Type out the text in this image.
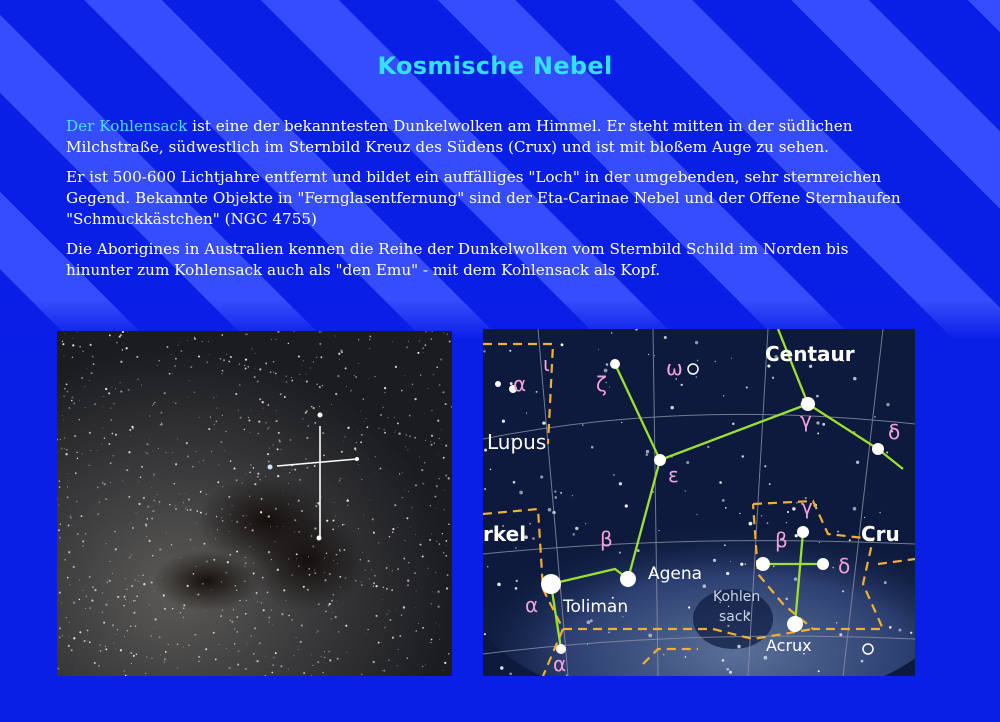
Kosmische Nebel

Der Kohlensack ist eine der bekanntesten Dunkelwolken am Himmel. Er steht mitten in der südlichen Milchstraße, südwestlich im Sternbild Kreuz des Südens (Crux) und ist mit bloßem Auge zu sehen.

Er ist 500-600 Lichtjahre entfernt und bildet ein auffälliges "Loch" in der umgebenden, sehr sternreichen Gegend. Bekannte Objekte in "Fernglasentfernung" sind der Eta-Carinae Nebel und der Offene Sternhaufen "Schmuckkästchen" (NGC 4755)

Die Aborigines in Australien kennen die Reihe der Dunkelwolken vom Sternbild Schild im Norden bis hinunter zum Kohlensack auch als "den Emu" - mit dem Kohlensack als Kopf.

Centaur
Lupus
Cru
rkel
Agena
Toliman	Kohlen
sack
Acrux
α
ι
ζ
ω
γ	δ
ε
β
α
α
γ
β
δ
